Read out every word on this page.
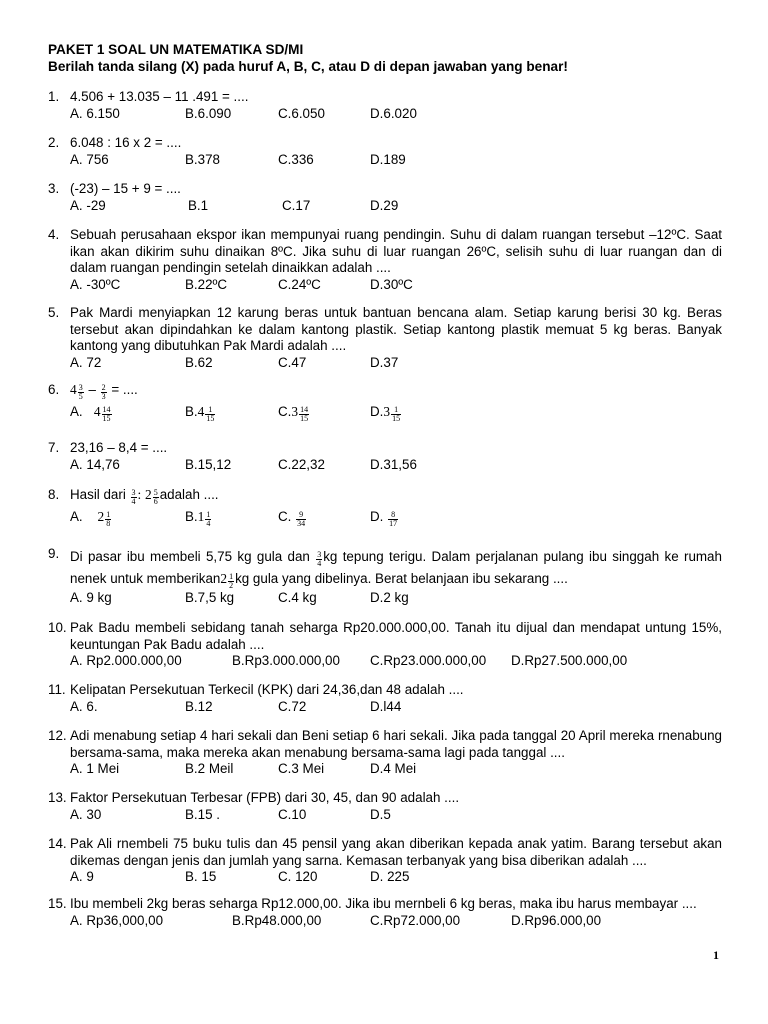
PAKET 1 SOAL UN MATEMATIKA SD/MI
Berilah tanda silang (X) pada huruf A, B, C, atau D di depan jawaban yang benar!
1. 4.506 + 13.035 – 11 .491 = ....
A. 6.150	B.6.090	C.6.050	D.6.020
2. 6.048 : 16 x 2 = ....
A. 756	B.378	C.336	D.189
3. (-23) – 15 + 9 = ....
A. -29	B.1	C.17	D.29
4. Sebuah perusahaan ekspor ikan mempunyai ruang pendingin. Suhu di dalam ruangan tersebut –12ºC. Saat ikan akan dikirim suhu dinaikan 8ºC. Jika suhu di luar ruangan 26ºC, selisih suhu di luar ruangan dan di dalam ruangan pendingin setelah dinaikkan adalah ....
A. -30ºC	B.22ºC	C.24ºC	D.30ºC
5. Pak Mardi menyiapkan 12 karung beras untuk bantuan bencana alam. Setiap karung berisi 30 kg. Beras tersebut akan dipindahkan ke dalam kantong plastik. Setiap kantong plastik memuat 5 kg beras. Banyak kantong yang dibutuhkan Pak Mardi adalah ....
A. 72	B.62	C.47	D.37
6. $4 \frac{3}{5} - \frac{2}{3}$ = ....
A. $4 \frac{14}{15}$	$B.4 \frac{1}{15}$	$C.3 \frac{14}{15}$	$D.3 \frac{1}{15}$
7. 23,16 – 8,4 = ....
A. 14,76	B.15,12	C.22,32	D.31,56
8. Hasil dari $\frac{3}{4}$ : $2 \frac{5}{6}$ adalah ....
A. $2 \frac{1}{8}$	$B.1 \frac{1}{4}$	C. $\frac{9}{34}$	D. $\frac{8}{17}$
9. Di pasar ibu membeli 5,75 kg gula dan $\frac{3}{4}$ kg tepung terigu. Dalam perjalanan pulang ibu singgah ke rumah nenek untuk memberikan2 $\frac{1}{2}$ kg gula yang dibelinya. Berat belanjaan ibu sekarang ....
A. 9 kg	B.7,5 kg	C.4 kg	D.2 kg
10. Pak Badu membeli sebidang tanah seharga Rp20.000.000,00. Tanah itu dijual dan mendapat untung 15%, keuntungan Pak Badu adalah ....
A. Rp2.000.000,00	B.Rp3.000.000,00 C.Rp23.000.000,00 D.Rp27.500.000,00
11. Kelipatan Persekutuan Terkecil (KPK) dari 24,36,dan 48 adalah ....
A. 6.	B.12	C.72	D.l44
12. Adi menabung setiap 4 hari sekali dan Beni setiap 6 hari sekali. Jika pada tanggal 20 April mereka rnenabung bersama-sama, maka mereka akan menabung bersama-sama lagi pada tanggal ....
A. 1 Mei	B.2 Meil	C.3 Mei	D.4 Mei
13. Faktor Persekutuan Terbesar (FPB) dari 30, 45, dan 90 adalah ....
A. 30	B.15 .	C.10	D.5
14. Pak Ali rnembeli 75 buku tulis dan 45 pensil yang akan diberikan kepada anak yatim. Barang tersebut akan dikemas dengan jenis dan jumlah yang sarna. Kemasan terbanyak yang bisa diberikan adalah ....
A. 9	B. 15	C. 120	D. 225
15. Ibu membeli 2kg beras seharga Rp12.000,00. Jika ibu mernbeli 6 kg beras, maka ibu harus membayar ....
A. Rp36,000,00	B.Rp48.000,00	C.Rp72.000,00	D.Rp96.000,00
1
